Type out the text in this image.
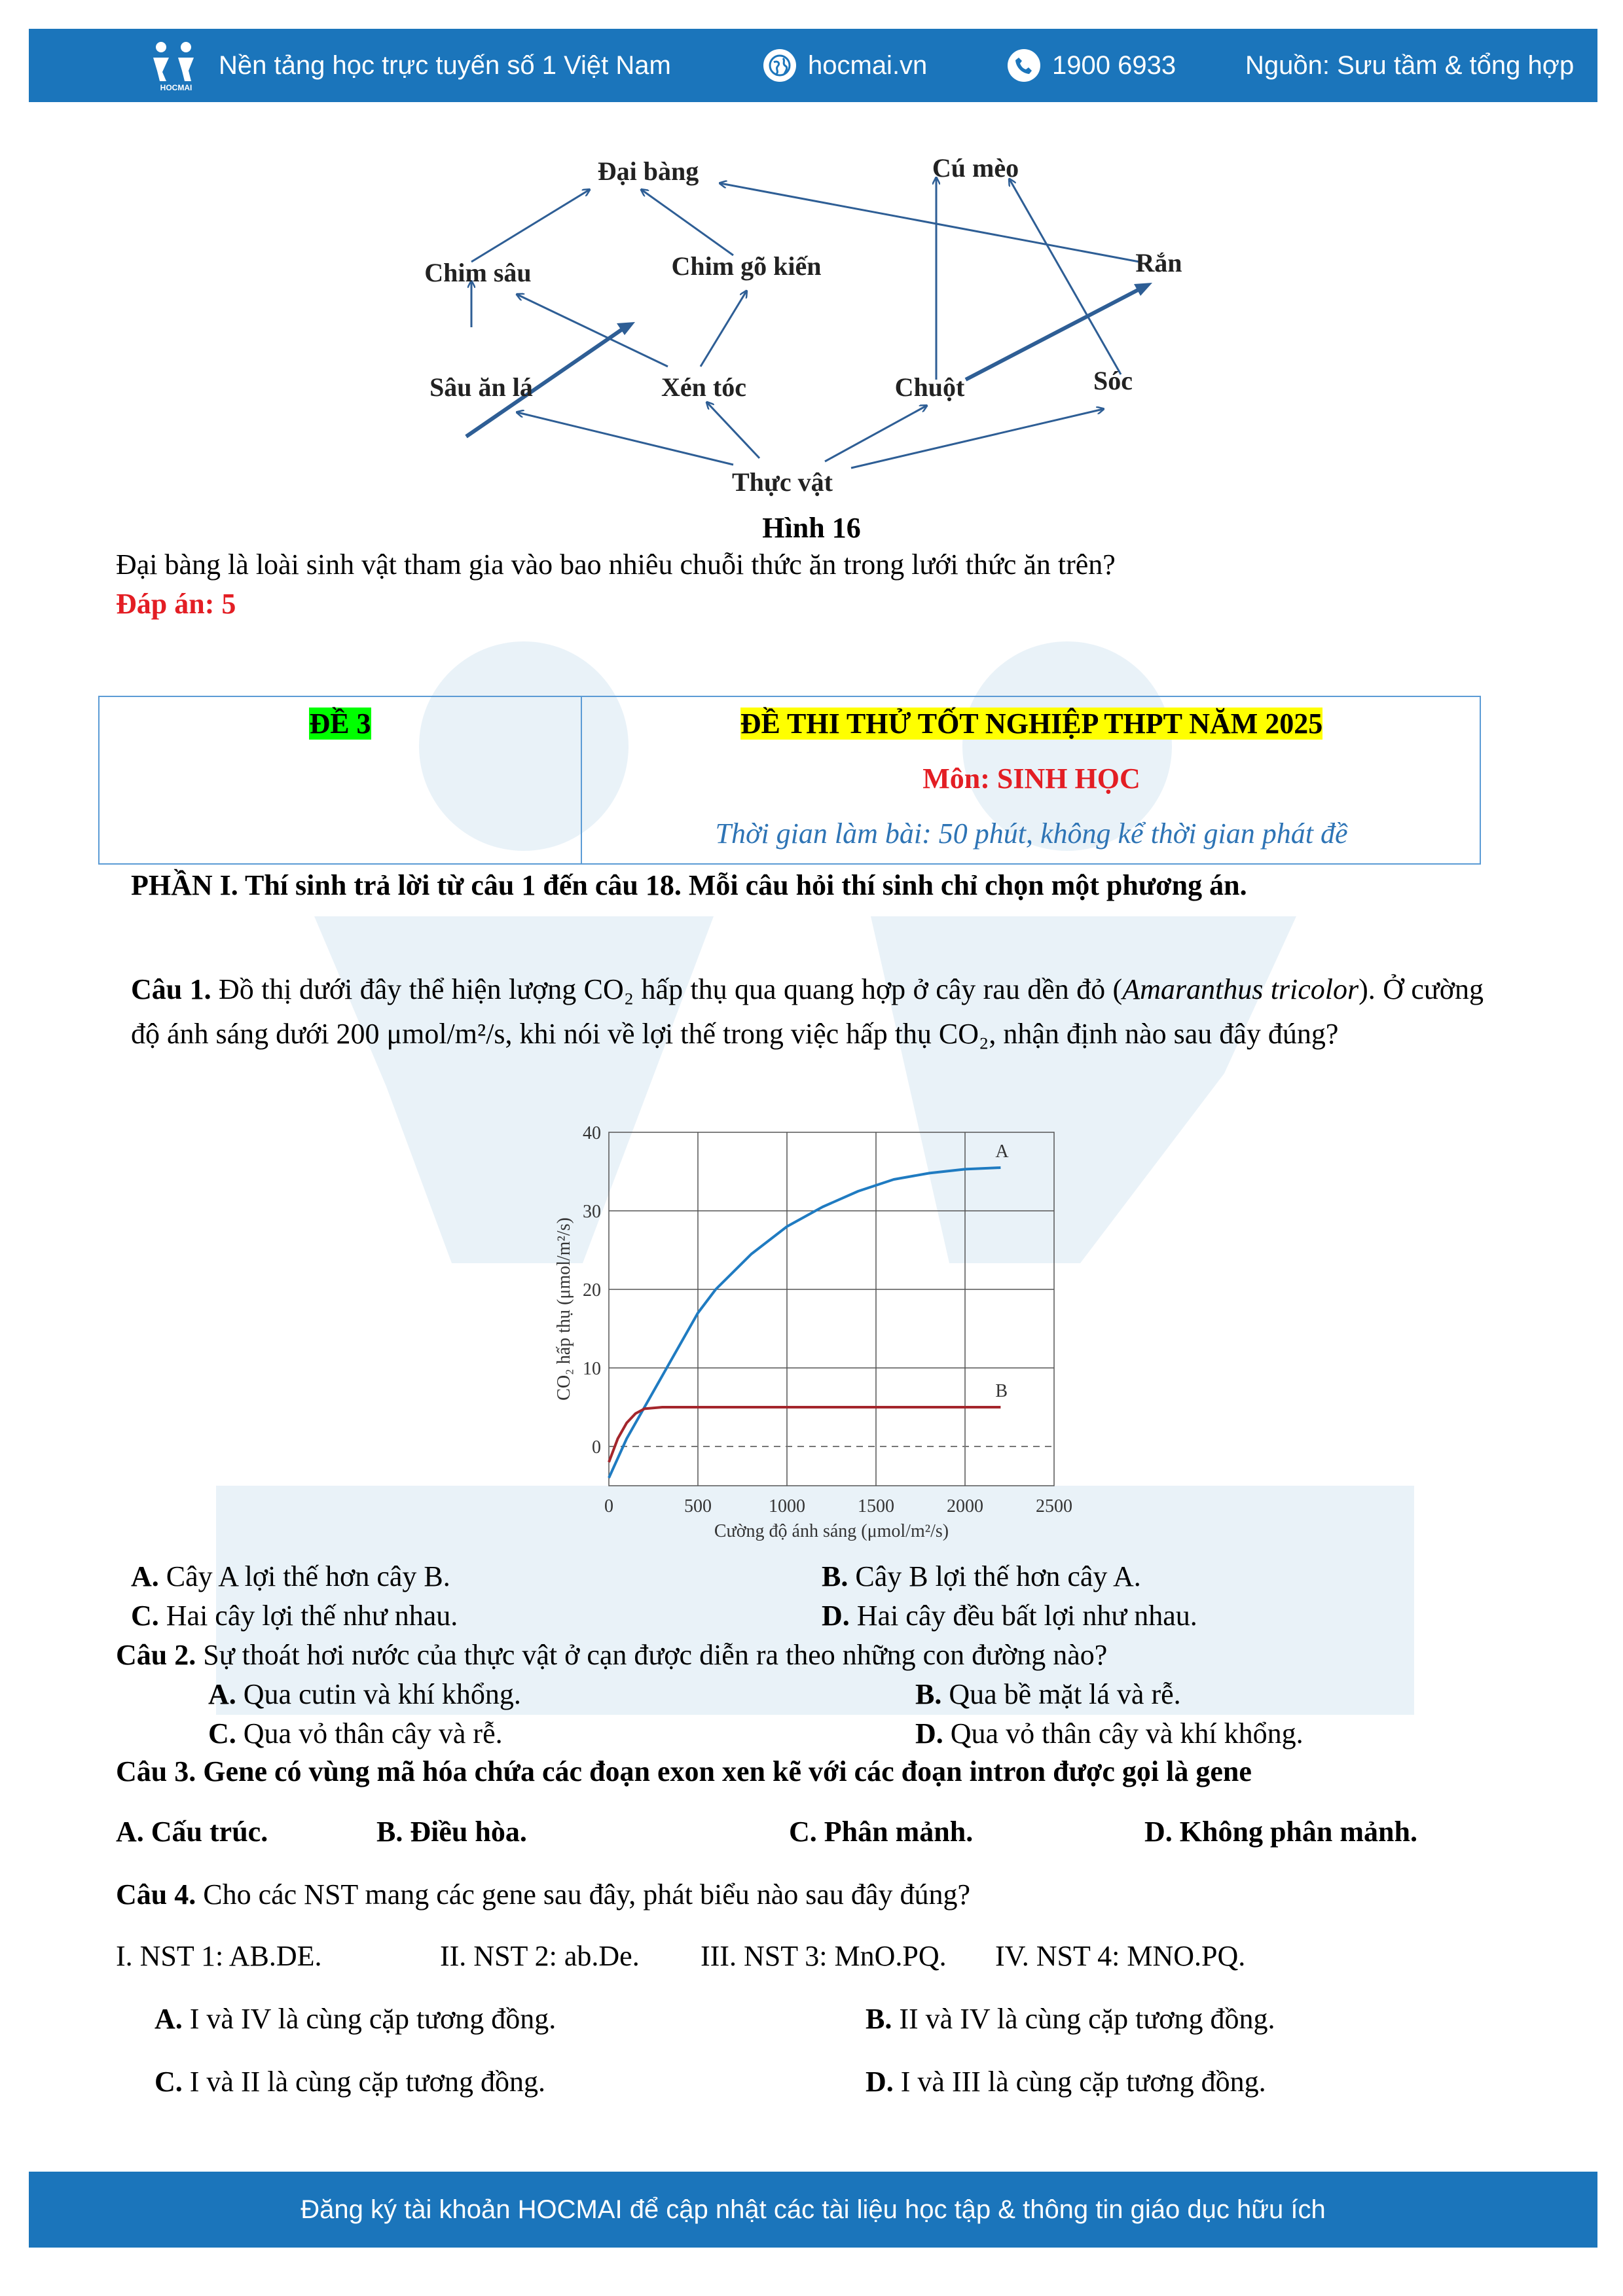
HOCMAI
Nền tảng học trực tuyến số 1 Việt Nam	hocmai.vn	1900 6933	Nguồn: Sưu tầm & tổng hợp
Đại bàng	Cú mèo
Chim sâu	Chim gõ kiến	Rắn
Sâu ăn lá	Xén tóc	Chuột	Sóc
Thực vật
Hình 16
Đại bàng là loài sinh vật tham gia vào bao nhiêu chuỗi thức ăn trong lưới thức ăn trên?
Đáp án: 5
ĐỀ 3	ĐỀ THI THỬ TỐT NGHIỆP THPT NĂM 2025
Môn: SINH HỌC
Thời gian làm bài: 50 phút, không kể thời gian phát đề
PHẦN I. Thí sinh trả lời từ câu 1 đến câu 18. Mỗi câu hỏi thí sinh chỉ chọn một phương án.
Câu 1. Đồ thị dưới đây thể hiện lượng CO₂ hấp thụ qua quang hợp ở cây rau dền đỏ (Amaranthus tricolor). Ở cường độ ánh sáng dưới 200 μmol/m²/s, khi nói về lợi thế trong việc hấp thụ CO₂, nhận định nào sau đây đúng?
0	500	1000	1500	2000	2500
0
10
20
30
40
A
B
Cường độ ánh sáng (μmol/m²/s)
CO₂ hấp thụ (μmol/m²/s)
A. Cây A lợi thế hơn cây B.	B. Cây B lợi thế hơn cây A.
C. Hai cây lợi thế như nhau.	D. Hai cây đều bất lợi như nhau.
Câu 2. Sự thoát hơi nước của thực vật ở cạn được diễn ra theo những con đường nào?
A. Qua cutin và khí khổng.	B. Qua bề mặt lá và rễ.
C. Qua vỏ thân cây và rễ.	D. Qua vỏ thân cây và khí khổng.
Câu 3. Gene có vùng mã hóa chứa các đoạn exon xen kẽ với các đoạn intron được gọi là gene
A. Cấu trúc.	B. Điều hòa.	C. Phân mảnh.	D. Không phân mảnh.
Câu 4. Cho các NST mang các gene sau đây, phát biểu nào sau đây đúng?
I. NST 1: AB.DE.	II. NST 2: ab.De. III. NST 3: MnO.PQ. IV. NST 4: MNO.PQ.
A. I và IV là cùng cặp tương đồng.	B. II và IV là cùng cặp tương đồng.
C. I và II là cùng cặp tương đồng.	D. I và III là cùng cặp tương đồng.
Đăng ký tài khoản HOCMAI để cập nhật các tài liệu học tập & thông tin giáo dục hữu ích
